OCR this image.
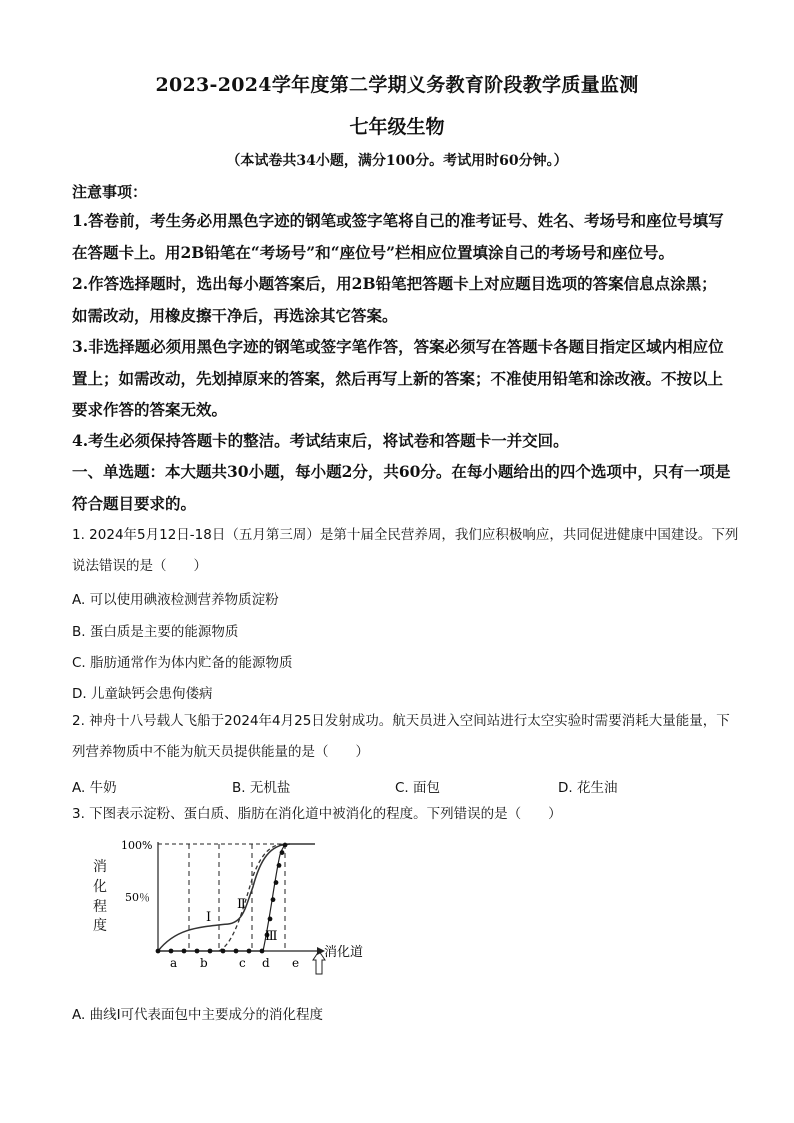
2023-2024学年度第二学期义务教育阶段教学质量监测
七年级生物
（本试卷共34小题，满分100分。考试用时60分钟。）
注意事项：
1.答卷前，考生务必用黑色字迹的钢笔或签字笔将自己的准考证号、姓名、考场号和座位号填写在答题卡上。用2B铅笔在“考场号”和“座位号”栏相应位置填涂自己的考场号和座位号。
2.作答选择题时，选出每小题答案后，用2B铅笔把答题卡上对应题目选项的答案信息点涂黑；如需改动，用橡皮擦干净后，再选涂其它答案。
3.非选择题必须用黑色字迹的钢笔或签字笔作答，答案必须写在答题卡各题目指定区域内相应位置上；如需改动，先划掉原来的答案，然后再写上新的答案；不准使用铅笔和涂改液。不按以上要求作答的答案无效。
4.考生必须保持答题卡的整洁。考试结束后，将试卷和答题卡一并交回。
一、单选题：本大题共30小题，每小题2分，共60分。在每小题给出的四个选项中，只有一项是符合题目要求的。
1. 2024年5月12日-18日（五月第三周）是第十届全民营养周，我们应积极响应，共同促进健康中国建设。下列说法错误的是（　　）
A. 可以使用碘液检测营养物质淀粉
B. 蛋白质是主要的能源物质
C. 脂肪通常作为体内贮备的能源物质
D. 儿童缺钙会患佝偻病
2. 神舟十八号载人飞船于2024年4月25日发射成功。航天员进入空间站进行太空实验时需要消耗大量能量，下列营养物质中不能为航天员提供能量的是（　　）
A. 牛奶	B. 无机盐	C. 面包	D. 花生油
3. 下图表示淀粉、蛋白质、脂肪在消化道中被消化的程度。下列错误的是（　　）
消
化
程
度
100%
50％
Ⅰ
Ⅱ
Ⅲ
a b	c d e
消化道
A. 曲线Ⅰ可代表面包中主要成分的消化程度
